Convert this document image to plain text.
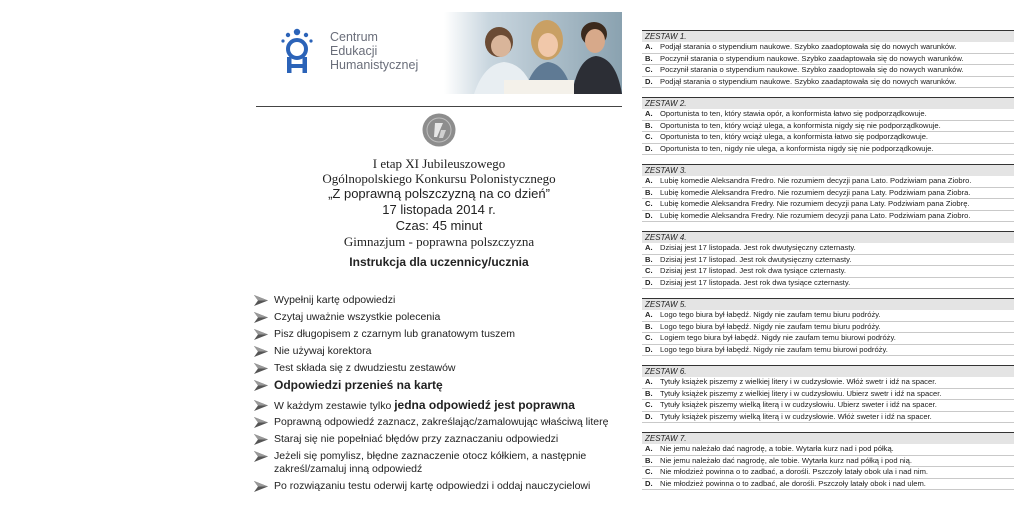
Centrum
Edukacji
Humanistycznej
I etap XI Jubileuszowego
Ogólnopolskiego Konkursu Polonistycznego
„Z poprawną polszczyzną na co dzień”
17 listopada 2014 r.
Czas: 45 minut
Gimnazjum - poprawna polszczyzna
Instrukcja dla uczennicy/ucznia
Wypełnij kartę odpowiedzi
Czytaj uważnie wszystkie polecenia
Pisz długopisem z czarnym lub granatowym tuszem
Nie używaj korektora
Test składa się z dwudziestu zestawów
Odpowiedzi przenieś na kartę
W każdym zestawie tylko jedna odpowiedź jest poprawna
Poprawną odpowiedź zaznacz, zakreślając/zamalowując właściwą literę
Staraj się nie popełniać błędów przy zaznaczaniu odpowiedzi
Jeżeli się pomylisz, błędne zaznaczenie otocz kółkiem, a następnie zakreśl/zamaluj inną odpowiedź
Po rozwiązaniu testu oderwij kartę odpowiedzi i oddaj nauczycielowi
ZESTAW 1.
A. Podjął starania o stypendium naukowe. Szybko zaadoptowała się do nowych warunków.
B. Poczynił starania o stypendium naukowe. Szybko zaadaptowała się do nowych warunków.
C. Poczynił starania o stypendium naukowe. Szybko zaadoptowała się do nowych warunków.
D. Podjął starania o stypendium naukowe. Szybko zaadaptowała się do nowych warunków.
ZESTAW 2.
A. Oportunista to ten, który stawia opór, a konformista łatwo się podporządkowuje.
B. Oportunista to ten, który wciąż ulega, a konformista nigdy się nie podporządkowuje.
C. Oportunista to ten, który wciąż ulega, a konformista łatwo się podporządkowuje.
D. Oportunista to ten, nigdy nie ulega, a konformista nigdy się nie podporządkowuje.
ZESTAW 3.
A. Lubię komedie Aleksandra Fredro. Nie rozumiem decyzji pana Lato. Podziwiam pana Ziobro.
B. Lubię komedie Aleksandra Fredro. Nie rozumiem decyzji pana Laty. Podziwiam pana Ziobra.
C. Lubię komedie Aleksandra Fredry. Nie rozumiem decyzji pana Laty. Podziwiam pana Ziobrę.
D. Lubię komedie Aleksandra Fredry. Nie rozumiem decyzji pana Lato. Podziwiam pana Ziobro.
ZESTAW 4.
A. Dzisiaj jest 17 listopada. Jest rok dwutysięczny czternasty.
B. Dzisiaj jest 17 listopad. Jest rok dwutysięczny czternasty.
C. Dzisiaj jest 17 listopad. Jest rok dwa tysiące czternasty.
D. Dzisiaj jest 17 listopada. Jest rok dwa tysiące czternasty.
ZESTAW 5.
A. Logo tego biura był łabędź. Nigdy nie zaufam temu biuru podróży.
B. Logo tego biura był łabędź. Nigdy nie zaufam temu biuru podróży.
C. Logiem tego biura był łabędź. Nigdy nie zaufam temu biurowi podróży.
D. Logo tego biura był łabędź. Nigdy nie zaufam temu biurowi podróży.
ZESTAW 6.
A. Tytuły książek piszemy z wielkiej litery i w cudzysłowie. Włóż swetr i idź na spacer.
B. Tytuły książek piszemy z wielkiej litery i w cudzysłowiu. Ubierz swetr i idź na spacer.
C. Tytuły książek piszemy wielką literą i w cudzysłowiu. Ubierz sweter i idź na spacer.
D. Tytuły książek piszemy wielką literą i w cudzysłowie. Włóż sweter i idź na spacer.
ZESTAW 7.
A. Nie jemu należało dać nagrodę, a tobie. Wytarła kurz nad i pod półką.
B. Nie jemu należało dać nagrodę, ale tobie. Wytarła kurz nad półką i pod nią.
C. Nie młodzież powinna o to zadbać, a dorośli. Pszczoły latały obok ula i nad nim.
D. Nie młodzież powinna o to zadbać, ale dorośli. Pszczoły latały obok i nad ulem.
